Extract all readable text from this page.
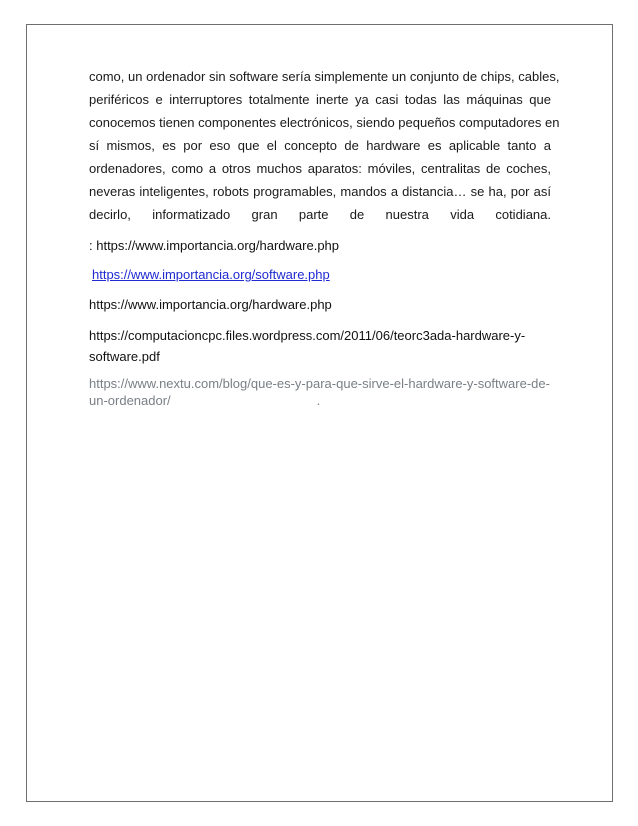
como, un ordenador sin software sería simplemente un conjunto de chips, cables,
periféricos e interruptores totalmente inerte ya casi todas las máquinas que
conocemos tienen componentes electrónicos, siendo pequeños computadores en
sí mismos, es por eso que el concepto de hardware es aplicable tanto a
ordenadores, como a otros muchos aparatos: móviles, centralitas de coches,
neveras inteligentes, robots programables, mandos a distancia… se ha, por así
decirlo, informatizado gran parte de nuestra vida cotidiana.
: https://www.importancia.org/hardware.php
https://www.importancia.org/software.php
https://www.importancia.org/hardware.php
https://computacioncpc.files.wordpress.com/2011/06/teorc3ada-hardware-y-
software.pdf
https://www.nextu.com/blog/que-es-y-para-que-sirve-el-hardware-y-software-de-
un-ordenador/	.
